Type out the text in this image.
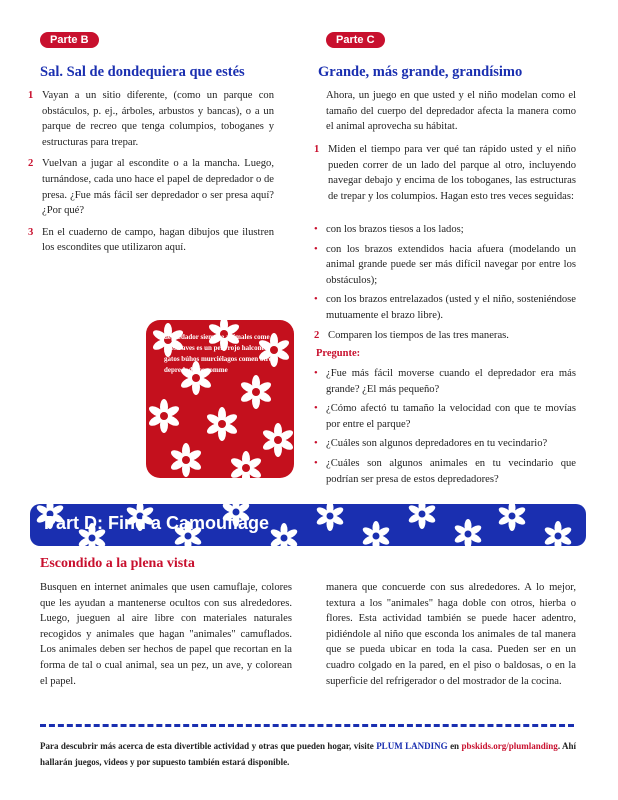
Parte B
Sal. Sal de dondequiera que estés
1 Vayan a un sitio diferente, (como un parque con obstáculos, p. ej., árboles, arbustos y bancas), o a un parque de recreo que tenga columpios, toboganes y estructuras para trepar.
2 Vuelvan a jugar al escondite o a la mancha. Luego, turnándose, cada uno hace el papel de depredador o de presa. ¿Fue más fácil ser depredador o ser presa aquí? ¿Por qué?
3 En el cuaderno de campo, hagan dibujos que ilustren los escondites que utilizaron aquí.
depredador siempre animales come presa aves es un pelirrojo halcones gatos búhos murciélagos comen otros depredadores comme
Parte C
Grande, más grande, grandísimo
Ahora, un juego en que usted y el niño modelan como el tamaño del cuerpo del depredador afecta la manera como el animal aprovecha su hábitat.
1 Miden el tiempo para ver qué tan rápido usted y el niño pueden correr de un lado del parque al otro, incluyendo navegar debajo y encima de los toboganes, las estructuras de trepar y los columpios. Hagan esto tres veces seguidas:
• con los brazos tiesos a los lados;
• con los brazos extendidos hacia afuera (modelando un animal grande puede ser más difícil navegar por entre los obstáculos);
• con los brazos entrelazados (usted y el niño, sosteniéndose mutuamente el brazo libre).
2 Comparen los tiempos de las tres maneras.
Pregunte:
• ¿Fue más fácil moverse cuando el depredador era más grande? ¿El más pequeño?
• ¿Cómo afectó tu tamaño la velocidad con que te movías por entre el parque?
• ¿Cuáles son algunos depredadores en tu vecindario?
• ¿Cuáles son algunos animales en tu vecindario que podrían ser presa de estos depredadores?
Part D: Find a Camouflage
Escondido a la plena vista
Busquen en internet animales que usen camuflaje, colores que les ayudan a mantenerse ocultos con sus alrededores. Luego, jueguen al aire libre con materiales naturales recogidos y animales que hagan "animales" camuflados. Los animales deben ser hechos de papel que recortan en la forma de tal o cual animal, sea un pez, un ave, y colorean el papel.
manera que concuerde con sus alrededores. A lo mejor, textura a los "animales" haga doble con otros, hierba o flores. Esta actividad también se puede hacer adentro, pidiéndole al niño que esconda los animales de tal manera que se pueda ubicar en toda la casa. Pueden ser en un cuadro colgado en la pared, en el piso o baldosas, o en la superficie del refrigerador o del mostrador de la cocina.
Para descubrir más acerca de esta divertible actividad y otras que pueden hogar, visite PLUM LANDING en pbskids.org/plumlanding. Ahí hallarán juegos, videos y por supuesto también estará disponible.
